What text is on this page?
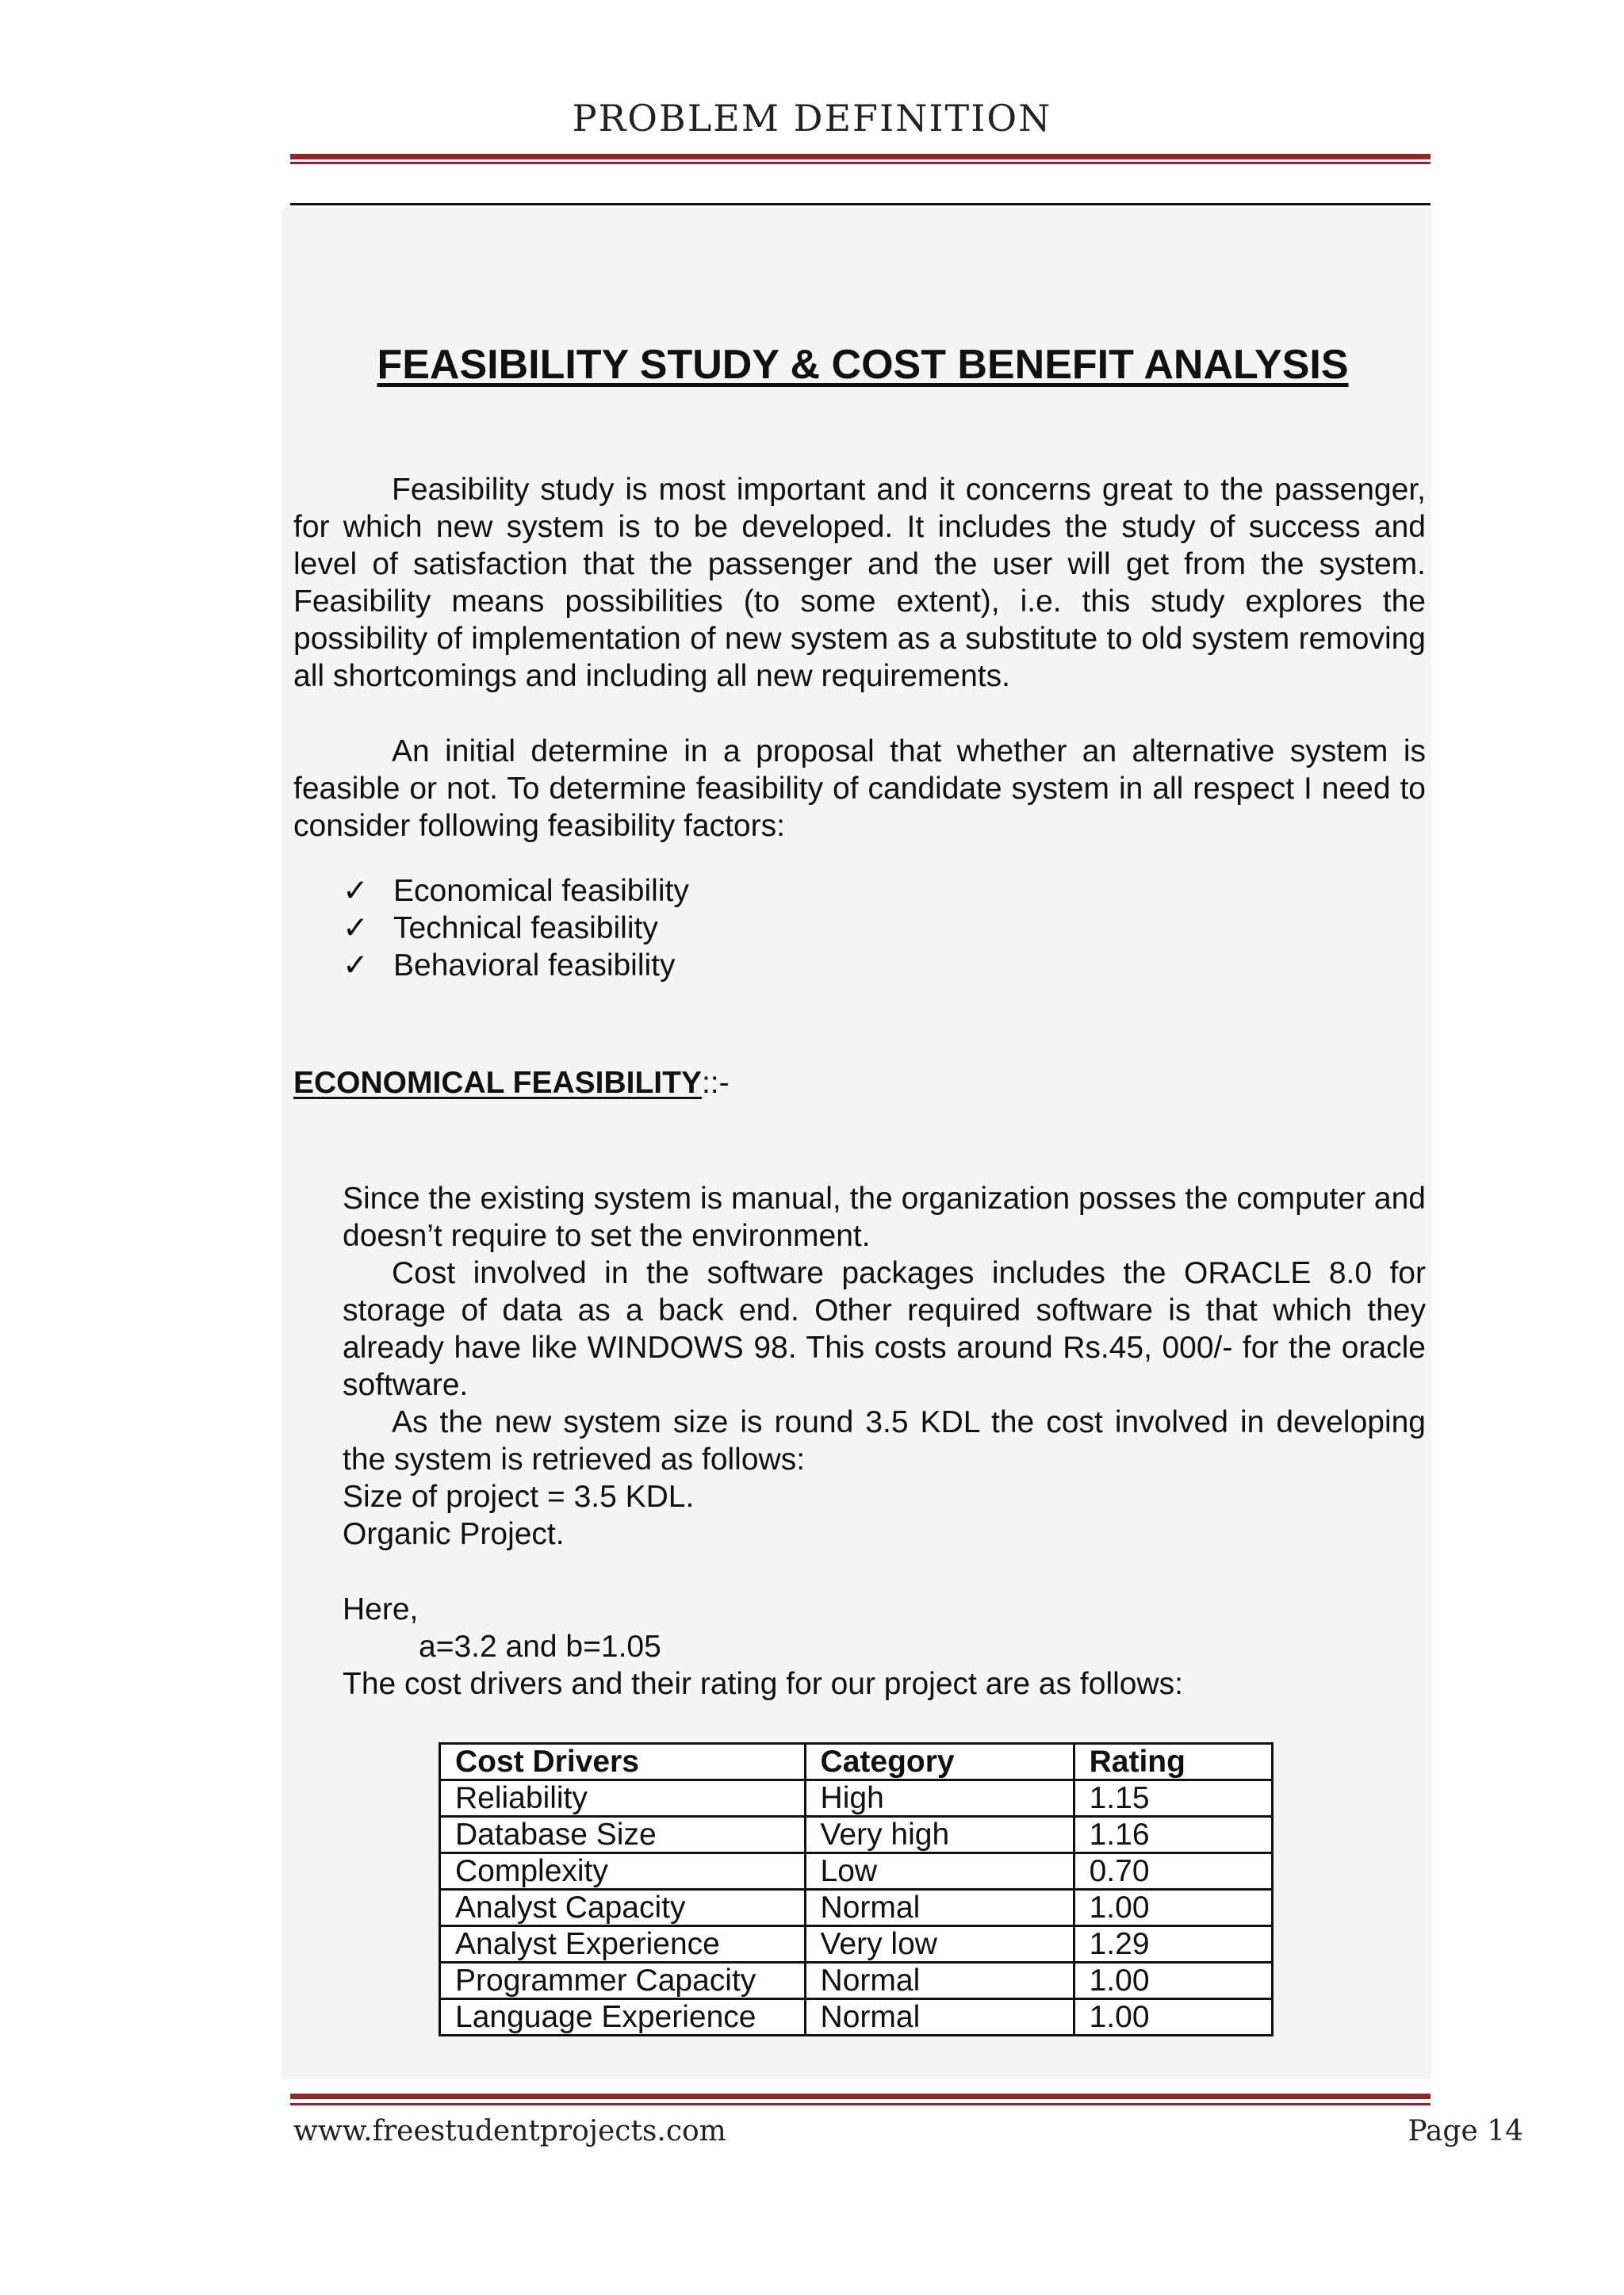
PROBLEM DEFINITION
FEASIBILITY STUDY & COST BENEFIT ANALYSIS

Feasibility study is most important and it concerns great to the passenger, for which new system is to be developed. It includes the study of success and level of satisfaction that the passenger and the user will get from the system. Feasibility means possibilities (to some extent), i.e. this study explores the possibility of implementation of new system as a substitute to old system removing all shortcomings and including all new requirements.

An initial determine in a proposal that whether an alternative system is feasible or not. To determine feasibility of candidate system in all respect I need to consider following feasibility factors:

✓ Economical feasibility
✓ Technical feasibility
✓ Behavioral feasibility
ECONOMICAL FEASIBILITY::-
Since the existing system is manual, the organization posses the computer and doesn’t require to set the environment.
Cost involved in the software packages includes the ORACLE 8.0 for storage of data as a back end. Other required software is that which they already have like WINDOWS 98. This costs around Rs.45, 000/- for the oracle software.
As the new system size is round 3.5 KDL the cost involved in developing the system is retrieved as follows:
Size of project = 3.5 KDL.
Organic Project.
Here,
a=3.2 and b=1.05
The cost drivers and their rating for our project are as follows:
Cost Drivers	Category	Rating
Reliability	High	1.15
Database Size	Very high	1.16
Complexity	Low	0.70
Analyst Capacity	Normal	1.00
Analyst Experience	Very low	1.29
Programmer Capacity	Normal	1.00
Language Experience	Normal	1.00
www.freestudentprojects.com	Page 14
